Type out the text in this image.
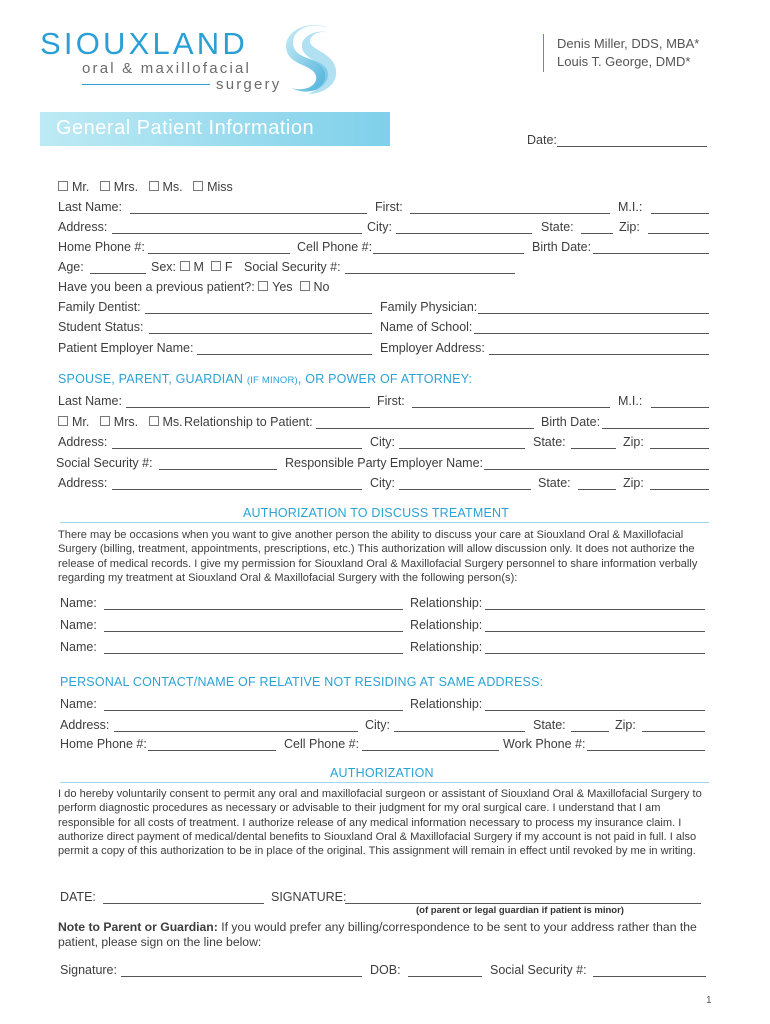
SIOUXLAND
oral & maxillofacial
surgery
Denis Miller, DDS, MBA*
Louis T. George, DMD*
General Patient Information
Date:
Mr. Mrs. Ms. Miss
Last Name:	First:	M.I.:
Address:	City:	State:	Zip:
Home Phone #:	Cell Phone #:	Birth Date:
Age:	Sex: M F Social Security #:
Have you been a previous patient?: Yes No
Family Dentist:	Family Physician:
Student Status:	Name of School:
Patient Employer Name:	Employer Address:
SPOUSE, PARENT, GUARDIAN (IF MINOR), OR POWER OF ATTORNEY:
Last Name:	First:	M.I.:
Mr. Mrs. Ms. Relationship to Patient:	Birth Date:
Address:	City:	State:	Zip:
Social Security #:	Responsible Party Employer Name:
Address:	City:	State:	Zip:
AUTHORIZATION TO DISCUSS TREATMENT
There may be occasions when you want to give another person the ability to discuss your care at Siouxland Oral & Maxillofacial Surgery (billing, treatment, appointments, prescriptions, etc.) This authorization will allow discussion only. It does not authorize the release of medical records. I give my permission for Siouxland Oral & Maxillofacial Surgery personnel to share information verbally regarding my treatment at Siouxland Oral & Maxillofacial Surgery with the following person(s):
Name:	Relationship:
Name:	Relationship:
Name:	Relationship:
PERSONAL CONTACT/NAME OF RELATIVE NOT RESIDING AT SAME ADDRESS:
Name:	Relationship:
Address:	City:	State:	Zip:
Home Phone #:	Cell Phone #:	Work Phone #:
AUTHORIZATION
I do hereby voluntarily consent to permit any oral and maxillofacial surgeon or assistant of Siouxland Oral & Maxillofacial Surgery to perform diagnostic procedures as necessary or advisable to their judgment for my oral surgical care. I understand that I am responsible for all costs of treatment. I authorize release of any medical information necessary to process my insurance claim. I authorize direct payment of medical/dental benefits to Siouxland Oral & Maxillofacial Surgery if my account is not paid in full. I also permit a copy of this authorization to be in place of the original. This assignment will remain in effect until revoked by me in writing.
DATE:	SIGNATURE:
(of parent or legal guardian if patient is minor)
Note to Parent or Guardian: If you would prefer any billing/correspondence to be sent to your address rather than the patient, please sign on the line below:
Signature:	DOB:	Social Security #:
1
